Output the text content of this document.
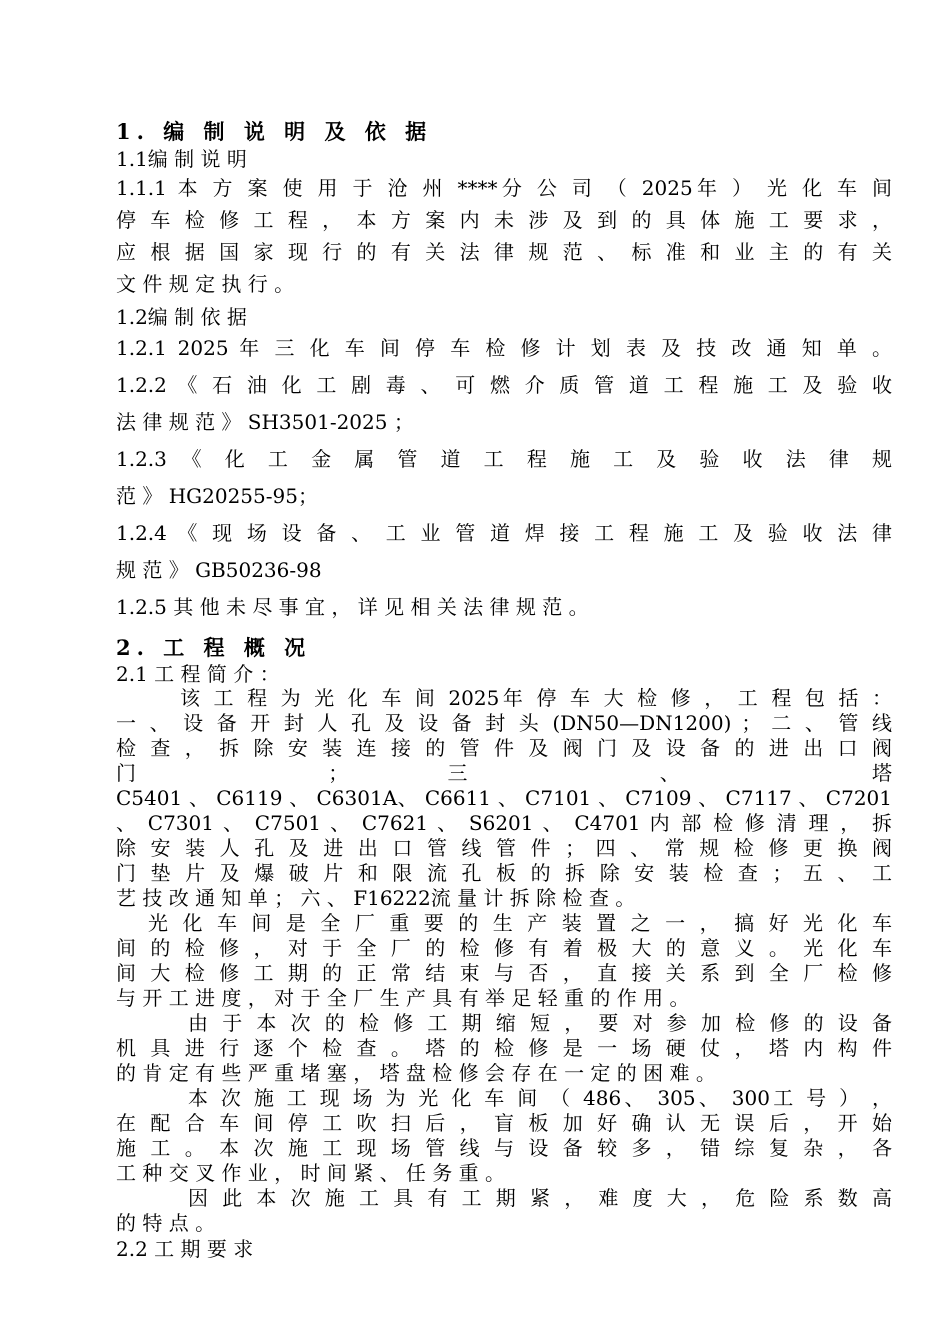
1. 编 制 说 明 及 依 据
1.1编 制 说 明
1.1.1 本 方 案 使 用 于 沧 州 ****分 公 司 （ 2025年 ） 光 化 车 间
停 车 检 修 工 程 ， 本 方 案 内 未 涉 及 到 的 具 体 施 工 要 求 ，
应 根 据 国 家 现 行 的 有 关 法 律 规 范 、 标 准 和 业 主 的 有 关
文 件 规 定 执 行 。
1.2编 制 依 据
1.2.1 2025 年 三 化 车 间 停 车 检 修 计 划 表 及 技 改 通 知 单 。
1.2.2 《 石 油 化 工 剧 毒 、 可 燃 介 质 管 道 工 程 施 工 及 验 收
法 律 规 范 》 SH3501-2025 ；
1.2.3 《 化 工 金 属 管 道 工 程 施 工 及 验 收 法 律 规
范 》 HG20255-95；
1.2.4 《 现 场 设 备 、 工 业 管 道 焊 接 工 程 施 工 及 验 收 法 律
规 范 》 GB50236-98
1.2.5 其 他 未 尽 事 宜 ， 详 见 相 关 法 律 规 范 。
2. 工 程 概 况
2.1 工 程 简 介 ：
该 工 程 为 光 化 车 间 2025年 停 车 大 检 修 ， 工 程 包 括 ：
一 、 设 备 开 封 人 孔 及 设 备 封 头 (DN50—DN1200) ； 二 、 管 线
检 查 ， 拆 除 安 装 连 接 的 管 件 及 阀 门 及 设 备 的 进 出 口 阀
门 ； 三 、 塔
C5401 、 C6119 、 C6301A、 C6611 、 C7101 、 C7109 、 C7117 、 C7201
、 C7301 、 C7501 、 C7621 、 S6201 、 C4701 内 部 检 修 清 理 ， 拆
除 安 装 人 孔 及 进 出 口 管 线 管 件 ； 四 、 常 规 检 修 更 换 阀
门 垫 片 及 爆 破 片 和 限 流 孔 板 的 拆 除 安 装 检 查 ； 五 、 工
艺 技 改 通 知 单 ； 六 、 F16222流 量 计 拆 除 检 查 。
光 化 车 间 是 全 厂 重 要 的 生 产 装 置 之 一 ， 搞 好 光 化 车
间 的 检 修 ， 对 于 全 厂 的 检 修 有 着 极 大 的 意 义 。 光 化 车
间 大 检 修 工 期 的 正 常 结 束 与 否 ， 直 接 关 系 到 全 厂 检 修
与 开 工 进 度 ， 对 于 全 厂 生 产 具 有 举 足 轻 重 的 作 用 。
由 于 本 次 的 检 修 工 期 缩 短 ， 要 对 参 加 检 修 的 设 备
机 具 进 行 逐 个 检 查 。 塔 的 检 修 是 一 场 硬 仗 ， 塔 内 构 件
的 肯 定 有 些 严 重 堵 塞 ， 塔 盘 检 修 会 存 在 一 定 的 困 难 。
本 次 施 工 现 场 为 光 化 车 间 （ 486、 305、 300工 号 ） ，
在 配 合 车 间 停 工 吹 扫 后 ， 盲 板 加 好 确 认 无 误 后 ， 开 始
施 工 。 本 次 施 工 现 场 管 线 与 设 备 较 多 ， 错 综 复 杂 ， 各
工 种 交 叉 作 业 ， 时 间 紧 、 任 务 重 。
因 此 本 次 施 工 具 有 工 期 紧 ， 难 度 大 ， 危 险 系 数 高
的 特 点 。
2.2 工 期 要 求
